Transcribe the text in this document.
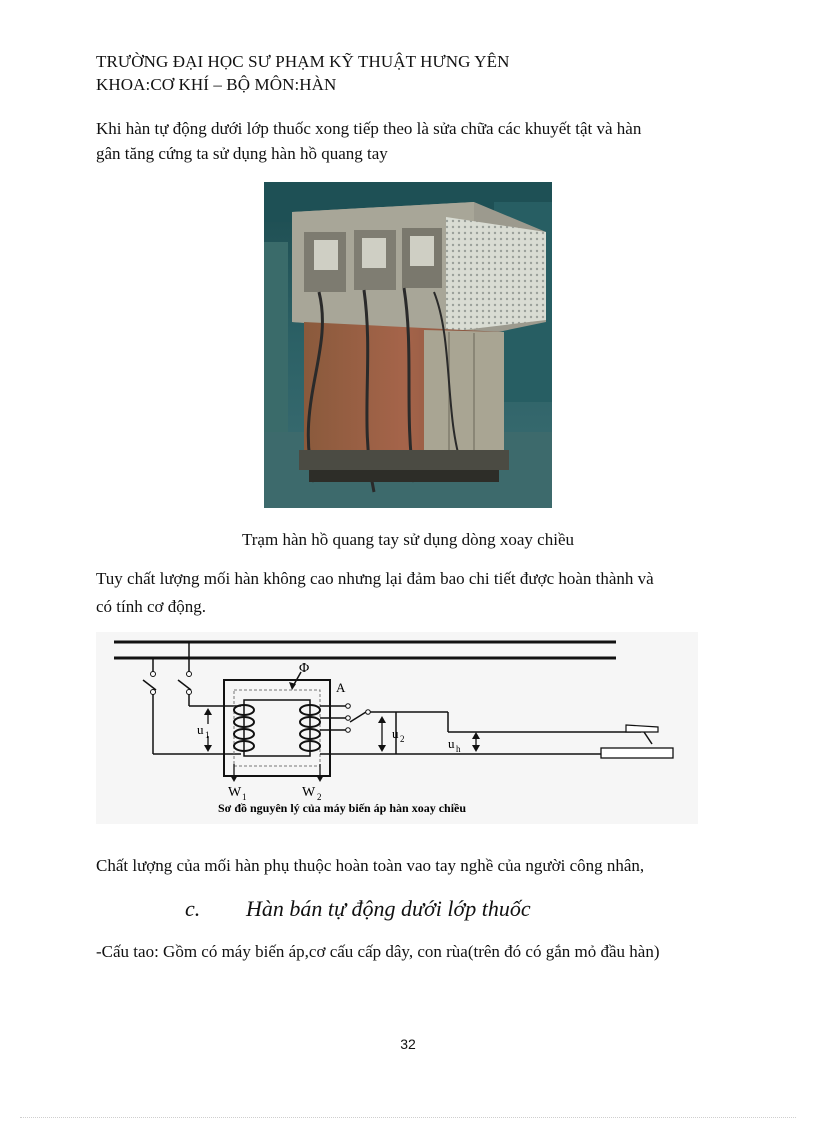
TRƯỜNG ĐẠI HỌC SƯ PHẠM KỸ THUẬT HƯNG YÊN
KHOA:CƠ KHÍ – BỘ MÔN:HÀN
Khi hàn tự động dưới lớp thuốc xong tiếp theo là sửa chữa các khuyết tật và hàn
gân tăng cứng ta sử dụng hàn hồ quang tay
Trạm hàn hồ quang tay sử dụng dòng xoay chiều
Tuy chất lượng mối hàn không cao nhưng lại đảm bao chi tiết được hoàn thành và
có tính cơ động.
Φ
A
u 1	u 2	u h
W 1	W 2
Sơ đồ nguyên lý của máy biến áp hàn xoay chiều
Chất lượng của mối hàn phụ thuộc hoàn toàn vao tay nghề của người công nhân,
c. Hàn bán tự động dưới lớp thuốc
-Cấu tao: Gồm có máy biến áp,cơ cấu cấp dây, con rùa(trên đó có gắn mỏ đầu hàn)
32
